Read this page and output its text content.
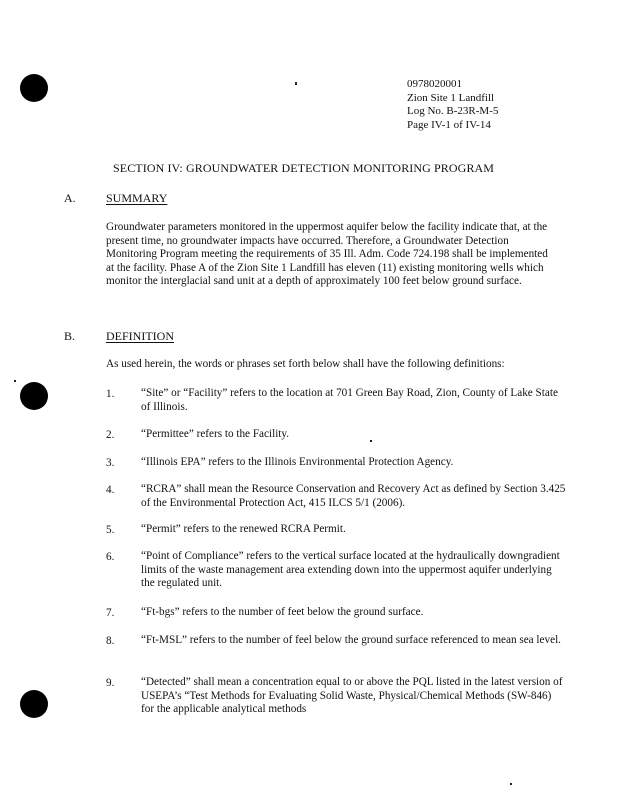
0978020001
Zion Site 1 Landfill
Log No. B-23R-M-5
Page IV-1 of IV-14
SECTION IV: GROUNDWATER DETECTION MONITORING PROGRAM
A.	SUMMARY
Groundwater parameters monitored in the uppermost aquifer below the facility indicate that, at the present time, no groundwater impacts have occurred. Therefore, a Groundwater Detection Monitoring Program meeting the requirements of 35 Ill. Adm. Code 724.198 shall be implemented at the facility. Phase A of the Zion Site 1 Landfill has eleven (11) existing monitoring wells which monitor the interglacial sand unit at a depth of approximately 100 feet below ground surface.
B.	DEFINITION
As used herein, the words or phrases set forth below shall have the following definitions:
1. “Site” or “Facility” refers to the location at 701 Green Bay Road, Zion, County of Lake State of Illinois.
2. “Permittee” refers to the Facility.
3. “Illinois EPA” refers to the Illinois Environmental Protection Agency.
4. “RCRA” shall mean the Resource Conservation and Recovery Act as defined by Section 3.425 of the Environmental Protection Act, 415 ILCS 5/1 (2006).
5. “Permit” refers to the renewed RCRA Permit.
6. “Point of Compliance” refers to the vertical surface located at the hydraulically downgradient limits of the waste management area extending down into the uppermost aquifer underlying the regulated unit.
7. “Ft-bgs” refers to the number of feet below the ground surface.
8. “Ft-MSL” refers to the number of feel below the ground surface referenced to mean sea level.
9. “Detected” shall mean a concentration equal to or above the PQL listed in the latest version of USEPA’s “Test Methods for Evaluating Solid Waste, Physical/Chemical Methods (SW-846) for the applicable analytical methods
